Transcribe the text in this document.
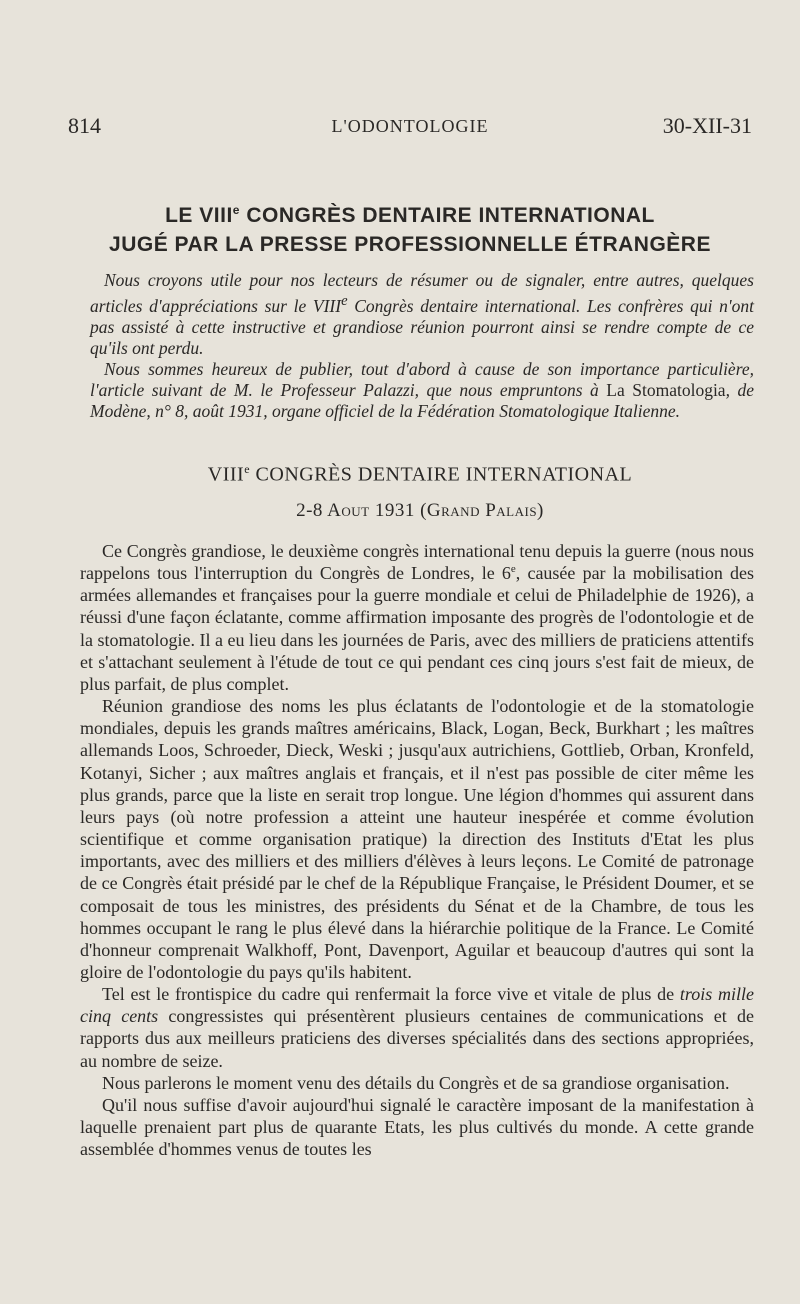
814	L'ODONTOLOGIE	30-XII-31
LE VIIIe CONGRÈS DENTAIRE INTERNATIONAL
JUGÉ PAR LA PRESSE PROFESSIONNELLE ÉTRANGÈRE

Nous croyons utile pour nos lecteurs de résumer ou de signaler, entre autres, quelques articles d'appréciations sur le VIIIe Congrès dentaire international. Les confrères qui n'ont pas assisté à cette instructive et grandiose réunion pourront ainsi se rendre compte de ce qu'ils ont perdu.

Nous sommes heureux de publier, tout d'abord à cause de son importance particulière, l'article suivant de M. le Professeur Palazzi, que nous empruntons à La Stomatologia, de Modène, n° 8, août 1931, organe officiel de la Fédération Stomatologique Italienne.

VIIIe CONGRÈS DENTAIRE INTERNATIONAL
2-8 Aout 1931 (Grand Palais)

Ce Congrès grandiose, le deuxième congrès international tenu depuis la guerre (nous nous rappelons tous l'interruption du Congrès de Londres, le 6e, causée par la mobilisation des armées allemandes et françaises pour la guerre mondiale et celui de Philadelphie de 1926), a réussi d'une façon éclatante, comme affirmation imposante des progrès de l'odontologie et de la stomatologie. Il a eu lieu dans les journées de Paris, avec des milliers de praticiens attentifs et s'attachant seulement à l'étude de tout ce qui pendant ces cinq jours s'est fait de mieux, de plus parfait, de plus complet.

Réunion grandiose des noms les plus éclatants de l'odontologie et de la stomatologie mondiales, depuis les grands maîtres américains, Black, Logan, Beck, Burkhart ; les maîtres allemands Loos, Schroeder, Dieck, Weski ; jusqu'aux autrichiens, Gottlieb, Orban, Kronfeld, Kotanyi, Sicher ; aux maîtres anglais et français, et il n'est pas possible de citer même les plus grands, parce que la liste en serait trop longue. Une légion d'hommes qui assurent dans leurs pays (où notre profession a atteint une hauteur inespérée et comme évolution scientifique et comme organisation pratique) la direction des Instituts d'Etat les plus importants, avec des milliers et des milliers d'élèves à leurs leçons. Le Comité de patronage de ce Congrès était présidé par le chef de la République Française, le Président Doumer, et se composait de tous les ministres, des présidents du Sénat et de la Chambre, de tous les hommes occupant le rang le plus élevé dans la hiérarchie politique de la France. Le Comité d'honneur comprenait Walkhoff, Pont, Davenport, Aguilar et beaucoup d'autres qui sont la gloire de l'odontologie du pays qu'ils habitent.

Tel est le frontispice du cadre qui renfermait la force vive et vitale de plus de trois mille cinq cents congressistes qui présentèrent plusieurs centaines de communications et de rapports dus aux meilleurs praticiens des diverses spécialités dans des sections appropriées, au nombre de seize.

Nous parlerons le moment venu des détails du Congrès et de sa grandiose organisation.

Qu'il nous suffise d'avoir aujourd'hui signalé le caractère imposant de la manifestation à laquelle prenaient part plus de quarante Etats, les plus cultivés du monde. A cette grande assemblée d'hommes venus de toutes les
